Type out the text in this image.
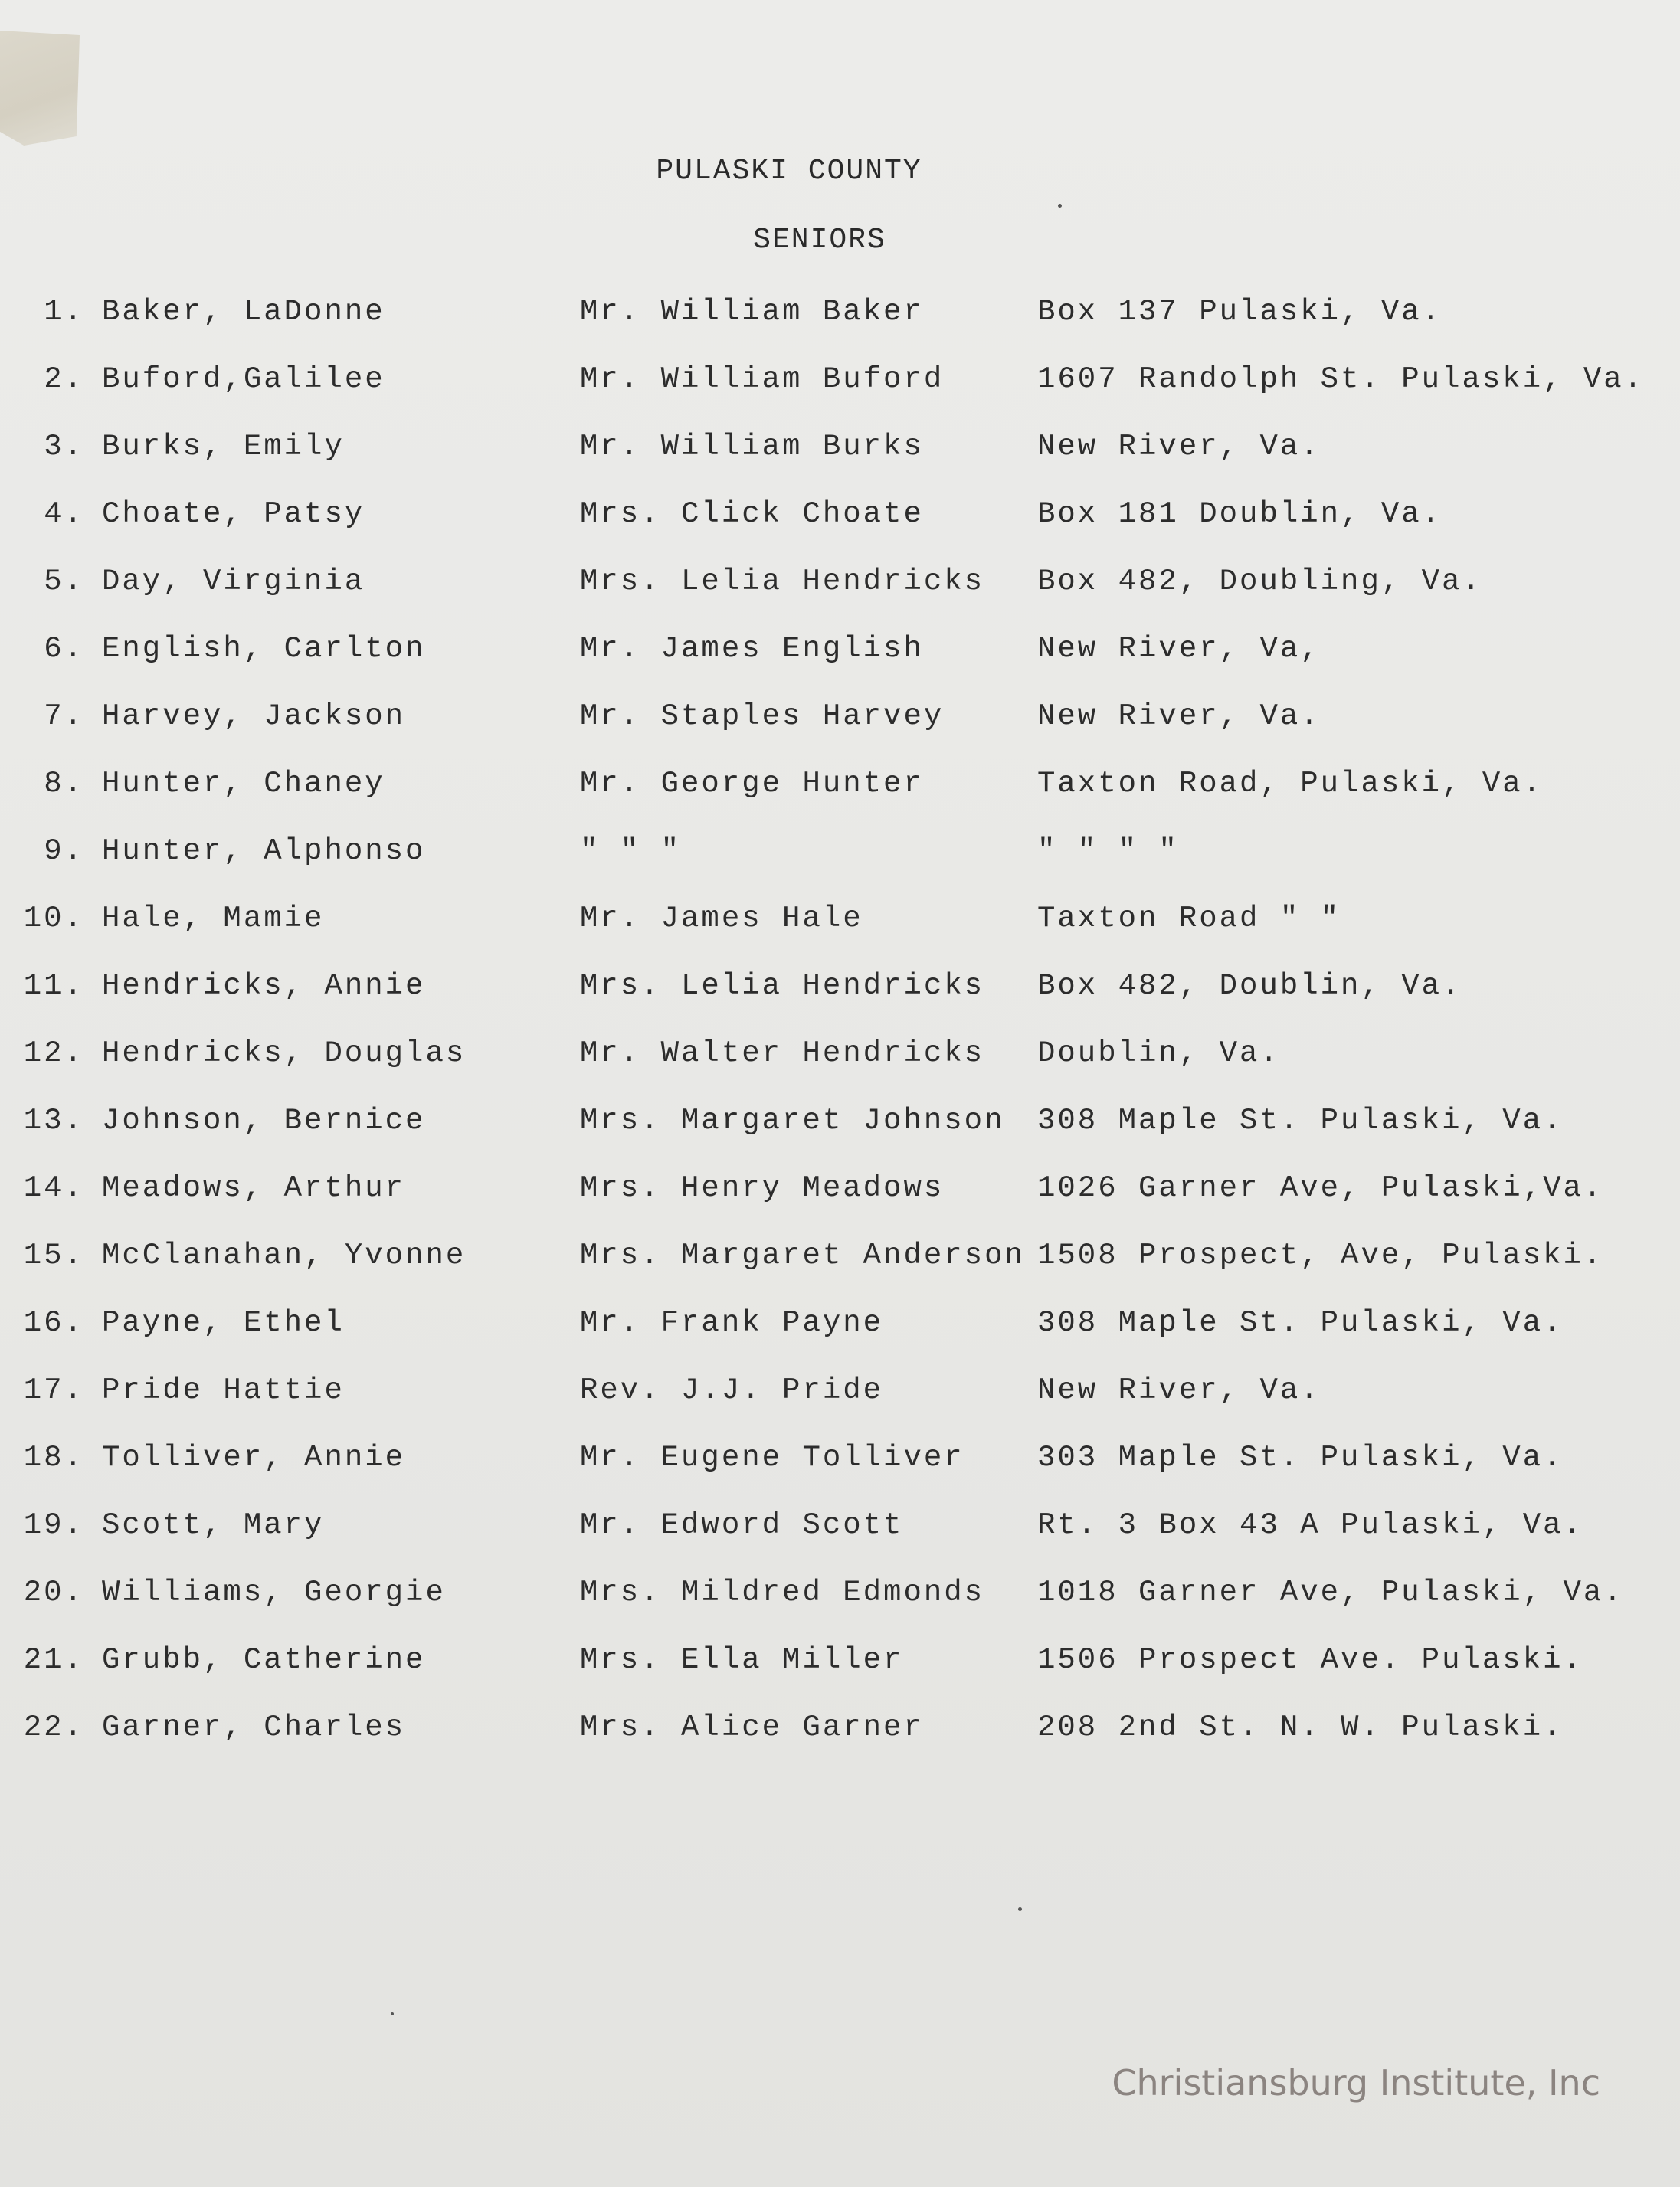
PULASKI COUNTY
SENIORS
1. Baker, LaDonne	Mr. William Baker	Box 137 Pulaski, Va.
2. Buford,Galilee	Mr. William Buford	1607 Randolph St. Pulaski, Va.
3. Burks, Emily	Mr. William Burks	New River, Va.
4. Choate, Patsy	Mrs. Click Choate	Box 181 Doublin, Va.
5. Day, Virginia	Mrs. Lelia Hendricks Box 482, Doubling, Va.
6. English, Carlton	Mr. James English	New River, Va,
7. Harvey, Jackson	Mr. Staples Harvey	New River, Va.
8. Hunter, Chaney	Mr. George Hunter	Taxton Road, Pulaski, Va.
9. Hunter, Alphonso	" " "	" " " "
10. Hale, Mamie	Mr. James Hale	Taxton Road " "
11. Hendricks, Annie	Mrs. Lelia Hendricks Box 482, Doublin, Va.
12. Hendricks, Douglas	Mr. Walter Hendricks Doublin, Va.
13. Johnson, Bernice	Mrs. Margaret Johnson 308 Maple St. Pulaski, Va.
14. Meadows, Arthur	Mrs. Henry Meadows	1026 Garner Ave, Pulaski,Va.
15. McClanahan, Yvonne	Mrs. Margaret Anderson 1508 Prospect, Ave, Pulaski.
16. Payne, Ethel	Mr. Frank Payne	308 Maple St. Pulaski, Va.
17. Pride Hattie	Rev. J.J. Pride	New River, Va.
18. Tolliver, Annie	Mr. Eugene Tolliver 303 Maple St. Pulaski, Va.
19. Scott, Mary	Mr. Edword Scott	Rt. 3 Box 43 A Pulaski, Va.
20. Williams, Georgie	Mrs. Mildred Edmonds 1018 Garner Ave, Pulaski, Va.
21. Grubb, Catherine	Mrs. Ella Miller	1506 Prospect Ave. Pulaski.
22. Garner, Charles	Mrs. Alice Garner	208 2nd St. N. W. Pulaski.
Christiansburg Institute, Inc
